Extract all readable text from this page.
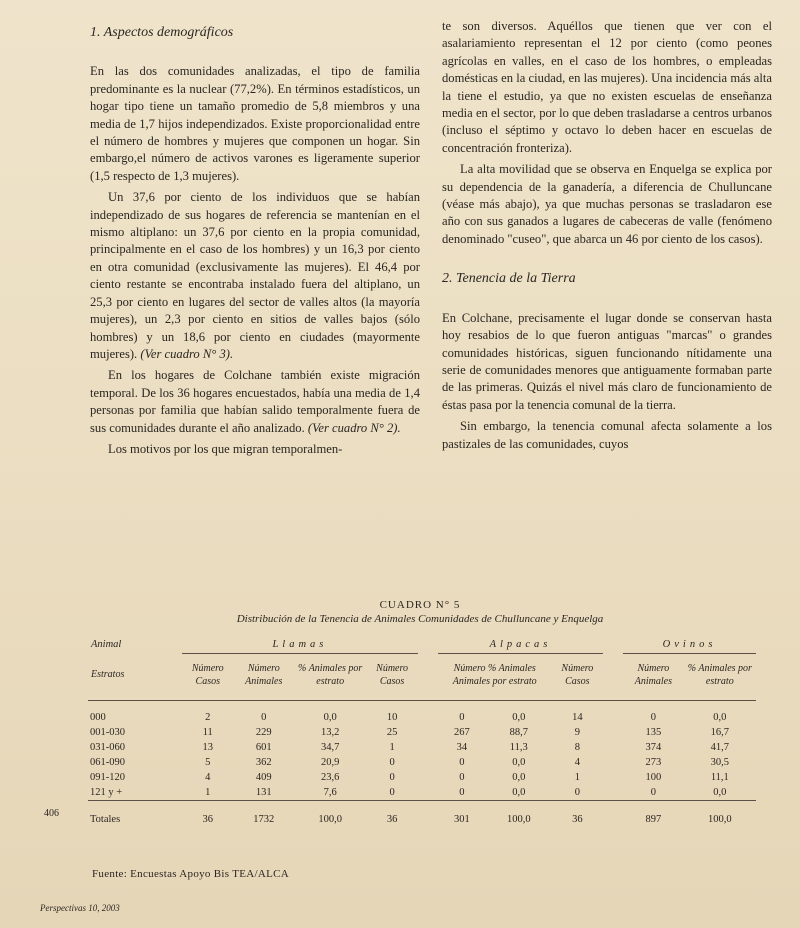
1. Aspectos demográficos

En las dos comunidades analizadas, el tipo de familia predominante es la nuclear (77,2%). En términos estadísticos, un hogar tipo tiene un tamaño promedio de 5,8 miembros y una media de 1,7 hijos independizados. Existe proporcionalidad entre el número de hombres y mujeres que componen un hogar. Sin embargo,el número de activos varones es ligeramente superior (1,5 respecto de 1,3 mujeres).

Un 37,6 por ciento de los individuos que se habían independizado de sus hogares de referencia se mantenían en el mismo altiplano: un 37,6 por ciento en la propia comunidad, principalmente en el caso de los hombres) y un 16,3 por ciento en otra comunidad (exclusivamente las mujeres). El 46,4 por ciento restante se encontraba instalado fuera del altiplano, un 25,3 por ciento en lugares del sector de valles altos (la mayoría mujeres), un 2,3 por ciento en sitios de valles bajos (sólo hombres) y un 18,6 por ciento en ciudades (mayormente mujeres). (Ver cuadro N° 3).

En los hogares de Colchane también existe migración temporal. De los 36 hogares encuestados, había una media de 1,4 personas por familia que habían salido temporalmente fuera de sus comunidades durante el año analizado. (Ver cuadro N° 2).

Los motivos por los que migran temporalmen-

te son diversos. Aquéllos que tienen que ver con el asalariamiento representan el 12 por ciento (como peones agrícolas en valles, en el caso de los hombres, o empleadas domésticas en la ciudad, en las mujeres). Una incidencia más alta la tiene el estudio, ya que no existen escuelas de enseñanza media en el sector, por lo que deben trasladarse a centros urbanos (incluso el séptimo y octavo lo deben hacer en escuelas de concentración fronteriza).

La alta movilidad que se observa en Enquelga se explica por su dependencia de la ganadería, a diferencia de Chulluncane (véase más abajo), ya que muchas personas se trasladaron ese año con sus ganados a lugares de cabeceras de valle (fenómeno denominado "cuseo", que abarca un 46 por ciento de los casos).

2. Tenencia de la Tierra

En Colchane, precisamente el lugar donde se conservan hasta hoy resabios de lo que fueron antiguas "marcas" o grandes comunidades históricas, siguen funcionando nítidamente una serie de comunidades menores que antiguamente formaban parte de las primeras. Quizás el nivel más claro de funcionamiento de éstas pasa por la tenencia comunal de la tierra.

Sin embargo, la tenencia comunal afecta solamente a los pastizales de las comunidades, cuyos

CUADRO N° 5
Distribución de la Tenencia de Animales Comunidades de Chulluncane y Enquelga
Animal	Llamas					Alpacas				Ovinos	
Estratos	Número Casos	Número Animales	% Animales por estrato	Número Casos		Número % Animales Animales por estrato		Número Casos		Número Animales	% Animales por estrato
000	2	0	0,0	10		0	0,0	14		0	0,0
001-030	11	229	13,2	25		267	88,7	9		135	16,7
031-060	13	601	34,7	1		34	11,3	8		374	41,7
061-090	5	362	20,9	0		0	0,0	4		273	30,5
091-120	4	409	23,6	0		0	0,0	1		100	11,1
121 y +	1	131	7,6	0		0	0,0	0		0	0,0
Totales	36	1732	100,0	36		301	100,0	36		897	100,0
Fuente: Encuestas Apoyo Bis TEA/ALCA
406
Perspectivas 10, 2003
